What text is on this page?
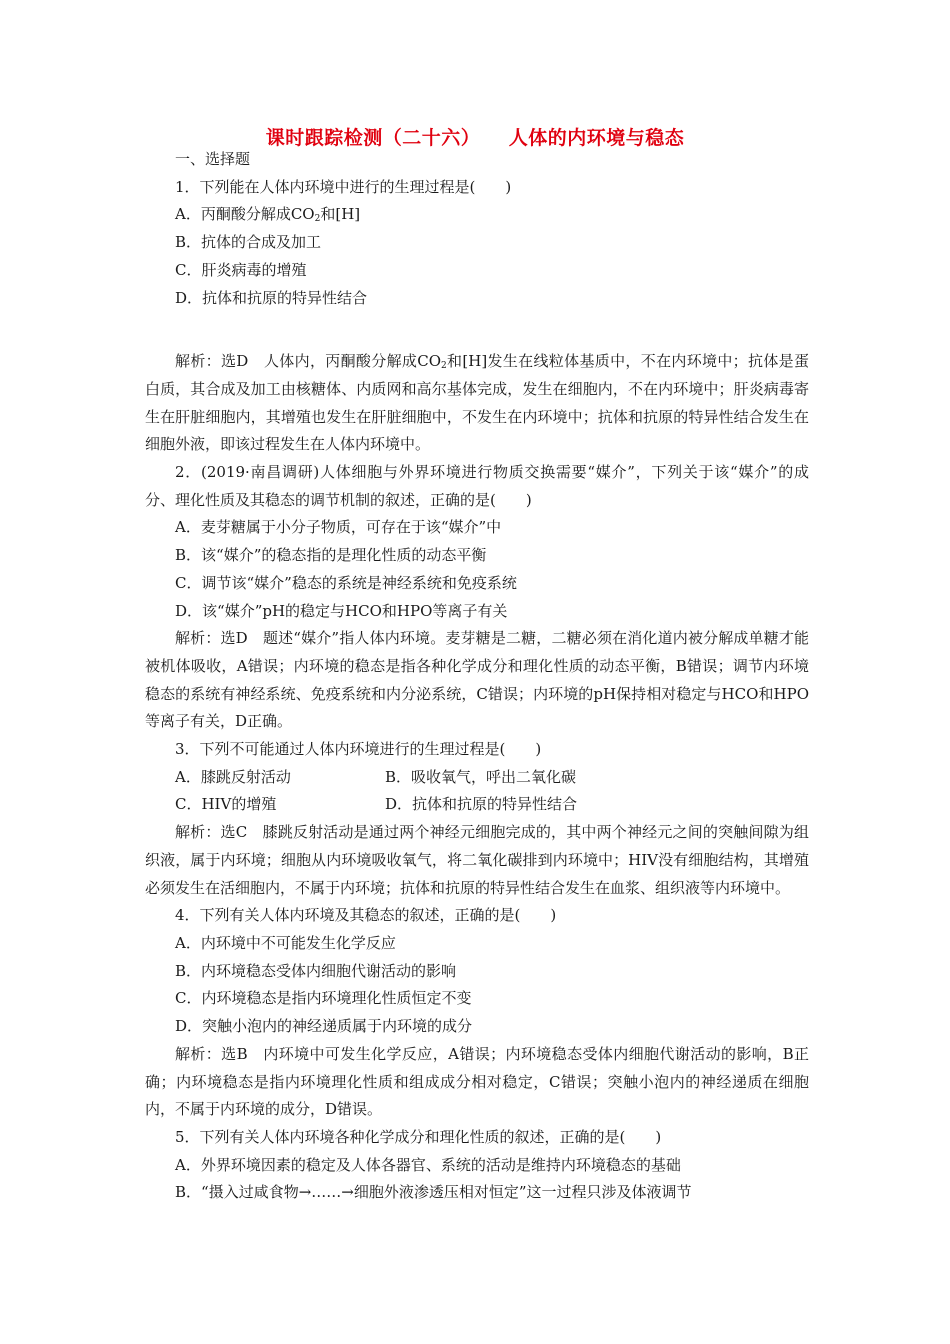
课时跟踪检测（二十六）    人体的内环境与稳态

一、选择题

1．下列能在人体内环境中进行的生理过程是(　　)

A．丙酮酸分解成$CO_2$和[H]

B．抗体的合成及加工

C．肝炎病毒的增殖

D．抗体和抗原的特异性结合

解析：选D　人体内，丙酮酸分解成$CO_2$和[H]发生在线粒体基质中，不在内环境中；抗体是蛋白质，其合成及加工由核糖体、内质网和高尔基体完成，发生在细胞内，不在内环境中；肝炎病毒寄生在肝脏细胞内，其增殖也发生在肝脏细胞中，不发生在内环境中；抗体和抗原的特异性结合发生在细胞外液，即该过程发生在人体内环境中。

2．(2019·南昌调研)人体细胞与外界环境进行物质交换需要“媒介”，下列关于该“媒介”的成分、理化性质及其稳态的调节机制的叙述，正确的是(　　)

A．麦芽糖属于小分子物质，可存在于该“媒介”中

B．该“媒介”的稳态指的是理化性质的动态平衡

C．调节该“媒介”稳态的系统是神经系统和免疫系统

D．该“媒介”pH的稳定与HCO和HPO等离子有关

解析：选D　题述“媒介”指人体内环境。麦芽糖是二糖，二糖必须在消化道内被分解成单糖才能被机体吸收，A错误；内环境的稳态是指各种化学成分和理化性质的动态平衡，B错误；调节内环境稳态的系统有神经系统、免疫系统和内分泌系统，C错误；内环境的pH保持相对稳定与HCO和HPO等离子有关，D正确。

3．下列不可能通过人体内环境进行的生理过程是(　　)

A．膝跳反射活动	B．吸收氧气，呼出二氧化碳
C．HIV的增殖	D．抗体和抗原的特异性结合

解析：选C　膝跳反射活动是通过两个神经元细胞完成的，其中两个神经元之间的突触间隙为组织液，属于内环境；细胞从内环境吸收氧气，将二氧化碳排到内环境中；HIV没有细胞结构，其增殖必须发生在活细胞内，不属于内环境；抗体和抗原的特异性结合发生在血浆、组织液等内环境中。

4．下列有关人体内环境及其稳态的叙述，正确的是(　　)

A．内环境中不可能发生化学反应

B．内环境稳态受体内细胞代谢活动的影响

C．内环境稳态是指内环境理化性质恒定不变

D．突触小泡内的神经递质属于内环境的成分

解析：选B　内环境中可发生化学反应，A错误；内环境稳态受体内细胞代谢活动的影响，B正确；内环境稳态是指内环境理化性质和组成成分相对稳定，C错误；突触小泡内的神经递质在细胞内，不属于内环境的成分，D错误。

5．下列有关人体内环境各种化学成分和理化性质的叙述，正确的是(　　)

A．外界环境因素的稳定及人体各器官、系统的活动是维持内环境稳态的基础

B．“摄入过咸食物→……→细胞外液渗透压相对恒定”这一过程只涉及体液调节
